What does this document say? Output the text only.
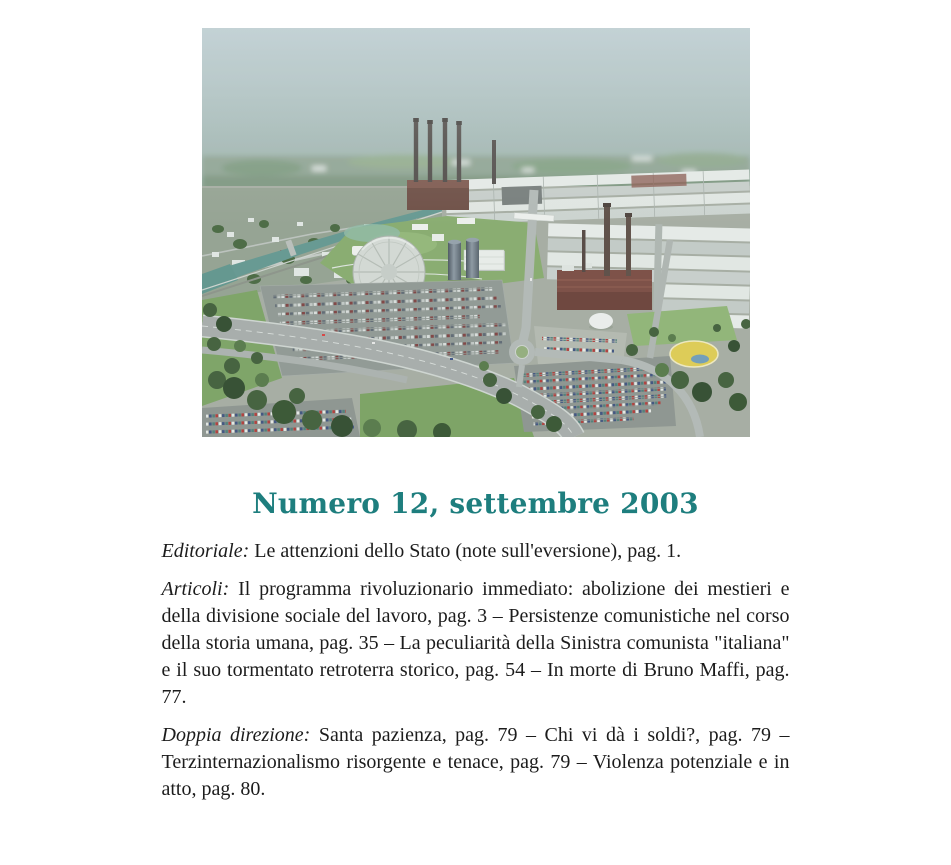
Numero 12, settembre 2003

Editoriale: Le attenzioni dello Stato (note sull'eversione), pag. 1.

Articoli: Il programma rivoluzionario immediato: abolizione dei mestieri e della divisione sociale del lavoro, pag. 3 – Persistenze comunistiche nel corso della storia umana, pag. 35 – La peculiarità della Sinistra comunista "italiana" e il suo tormentato retroterra storico, pag. 54 – In morte di Bruno Maffi, pag. 77.

Doppia direzione: Santa pazienza, pag. 79 – Chi vi dà i soldi?, pag. 79 – Terzinternazionalismo risorgente e tenace, pag. 79 – Violenza potenziale e in atto, pag. 80.
